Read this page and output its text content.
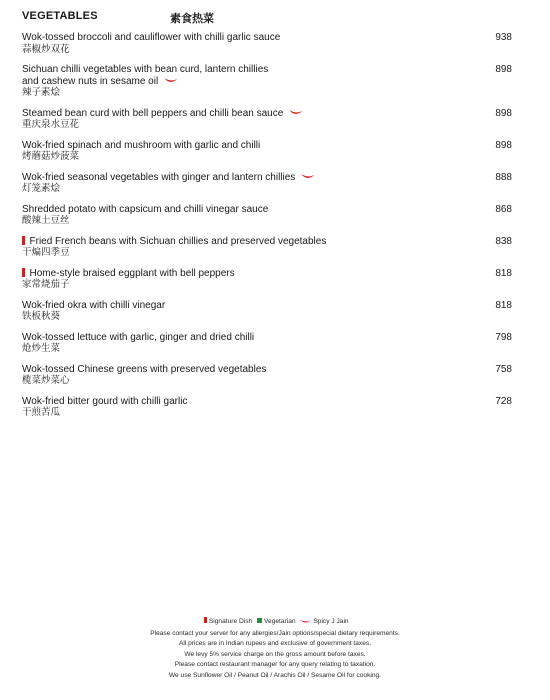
VEGETABLES	素食热菜
Wok-tossed broccoli and cauliflower with chilli garlic sauce
蒜椒炒双花
938
Sichuan chilli vegetables with bean curd, lantern chillies
and cashew nuts in sesame oil
辣子素烩
898
Steamed bean curd with bell peppers and chilli bean sauce
重庆泉水豆花
898
Wok-fried spinach and mushroom with garlic and chilli
烤蘑菇炒菠菜
898
Wok-fried seasonal vegetables with ginger and lantern chillies
灯笼素烩
888
Shredded potato with capsicum and chilli vinegar sauce
酸辣土豆丝
868
Fried French beans with Sichuan chillies and preserved vegetables
干煸四季豆
838
Home-style braised eggplant with bell peppers
家常烧茄子
818
Wok-fried okra with chilli vinegar
铁板秋葵
818
Wok-tossed lettuce with garlic, ginger and dried chilli
炝炒生菜
798
Wok-tossed Chinese greens with preserved vegetables
榄菜炒菜心
758
Wok-fried bitter gourd with chilli garlic
干煎苦瓜
728
Signature Dish Vegetarian	Spicy J Jain
Please contact your server for any allergies/Jain options/special dietary requirements.
All prices are in Indian rupees and exclusive of government taxes.
We levy 5% service charge on the gross amount before taxes.
Please contact restaurant manager for any query relating to taxation.
We use Sunflower Oil / Peanut Oil / Arachis Oil / Sesame Oil for cooking.
